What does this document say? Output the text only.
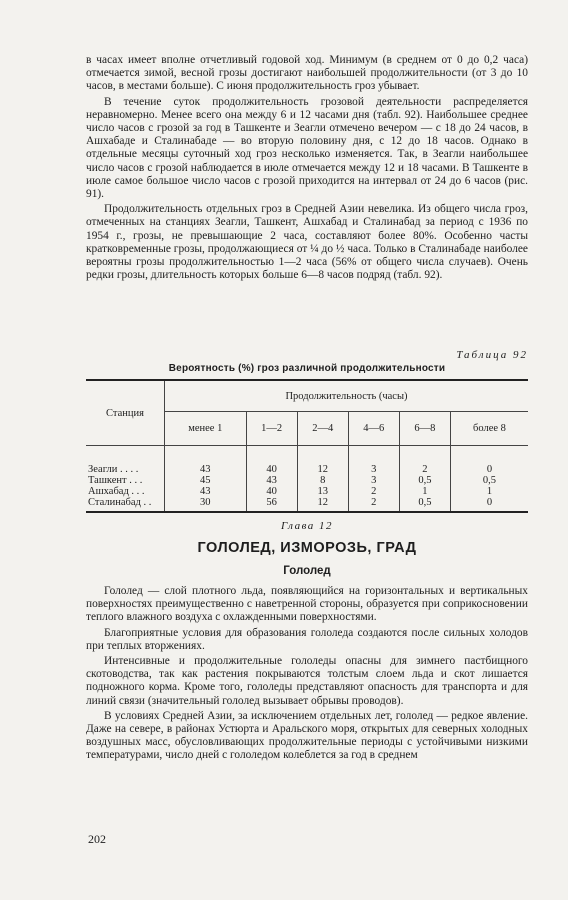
в часах имеет вполне отчетливый годовой ход. Минимум (в среднем от 0 до 0,2 часа) отмечается зимой, весной грозы достигают наибольшей продолжительности (от 3 до 10 часов, в местами больше). С июня продолжительность гроз убывает.

В течение суток продолжительность грозовой деятельности распределяется неравномерно. Менее всего она между 6 и 12 часами дня (табл. 92). Наибольшее среднее число часов с грозой за год в Ташкенте и Зеагли отмечено вечером — с 18 до 24 часов, в Ашхабаде и Сталинабаде — во вторую половину дня, с 12 до 18 часов. Однако в отдельные месяцы суточный ход гроз несколько изменяется. Так, в Зеагли наибольшее число часов с грозой наблюдается в июле отмечается между 12 и 18 часами. В Ташкенте в июле самое большое число часов с грозой приходится на интервал от 24 до 6 часов (рис. 91).

Продолжительность отдельных гроз в Средней Азии невелика. Из общего числа гроз, отмеченных на станциях Зеагли, Ташкент, Ашхабад и Сталинабад за период с 1936 по 1954 г., грозы, не превышающие 2 часа, составляют более 80%. Особенно часты кратковременные грозы, продолжающиеся от ¼ до ½ часа. Только в Сталинабаде наиболее вероятны грозы продолжительностью 1—2 часа (56% от общего числа случаев). Очень редки грозы, длительность которых больше 6—8 часов подряд (табл. 92).

Таблица 92
Вероятность (%) гроз различной продолжительности
Станция	Продолжительность (часы)					
	менее 1	1—2	2—4	4—6	6—8	более 8

Зеагли . . . .	43	40	12	3	2	0
Ташкент . . .	45	43	8	3	0,5	0,5
Ашхабад . . .	43	40	13	2	1	1
Сталинабад . .	30	56	12	2	0,5	0
Глава 12
ГОЛОЛЕД, ИЗМОРОЗЬ, ГРАД
Гололед

Гололед — слой плотного льда, появляющийся на горизонтальных и вертикальных поверхностях преимущественно с наветренной стороны, образуется при соприкосновении теплого влажного воздуха с охлажденными поверхностями.

Благоприятные условия для образования гололеда создаются после сильных холодов при теплых вторжениях.

Интенсивные и продолжительные гололеды опасны для зимнего пастбищного скотоводства, так как растения покрываются толстым слоем льда и скот лишается подножного корма. Кроме того, гололеды представляют опасность для транспорта и для линий связи (значительный гололед вызывает обрывы проводов).

В условиях Средней Азии, за исключением отдельных лет, гололед — редкое явление. Даже на севере, в районах Устюрта и Аральского моря, открытых для северных холодных воздушных масс, обусловливающих продолжительные периоды с устойчивыми низкими температурами, число дней с гололедом колеблется за год в среднем

202
